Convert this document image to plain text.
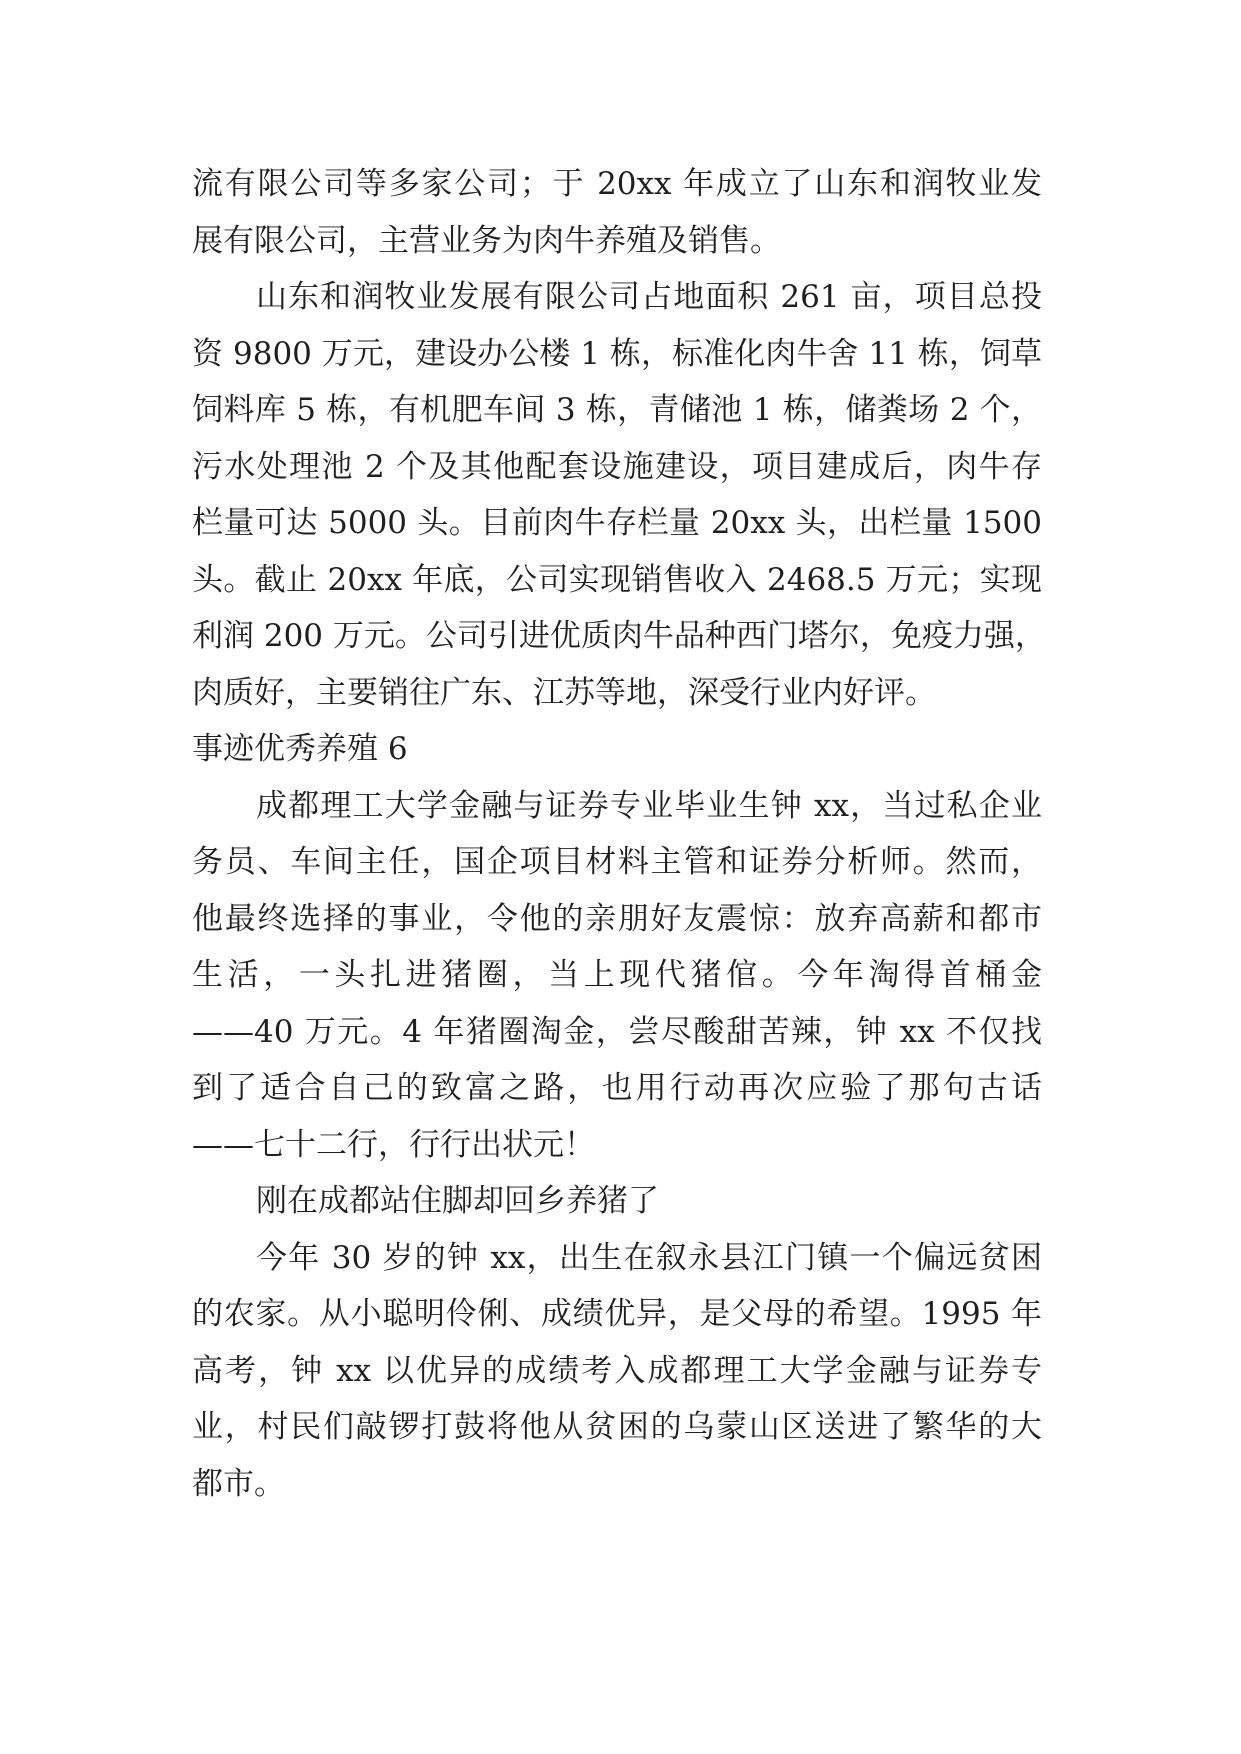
流有限公司等多家公司；于 20xx 年成立了山东和润牧业发
展有限公司，主营业务为肉牛养殖及销售。
山东和润牧业发展有限公司占地面积 261 亩，项目总投
资 9800 万元，建设办公楼 1 栋，标准化肉牛舍 11 栋，饲草
饲料库 5 栋，有机肥车间 3 栋，青储池 1 栋，储粪场 2 个，
污水处理池 2 个及其他配套设施建设，项目建成后，肉牛存
栏量可达 5000 头。目前肉牛存栏量 20xx 头，出栏量 1500
头。截止 20xx 年底，公司实现销售收入 2468.5 万元；实现
利润 200 万元。公司引进优质肉牛品种西门塔尔，免疫力强，
肉质好，主要销往广东、江苏等地，深受行业内好评。
事迹优秀养殖 6
成都理工大学金融与证券专业毕业生钟 xx，当过私企业
务员、车间主任，国企项目材料主管和证券分析师。然而，
他最终选择的事业，令他的亲朋好友震惊：放弃高薪和都市
生活，一头扎进猪圈，当上现代猪倌。今年淘得首桶金
——40 万元。4 年猪圈淘金，尝尽酸甜苦辣，钟 xx 不仅找
到了适合自己的致富之路，也用行动再次应验了那句古话
——七十二行，行行出状元！
刚在成都站住脚却回乡养猪了
今年 30 岁的钟 xx，出生在叙永县江门镇一个偏远贫困
的农家。从小聪明伶俐、成绩优异，是父母的希望。1995 年
高考，钟 xx 以优异的成绩考入成都理工大学金融与证券专
业，村民们敲锣打鼓将他从贫困的乌蒙山区送进了繁华的大
都市。
